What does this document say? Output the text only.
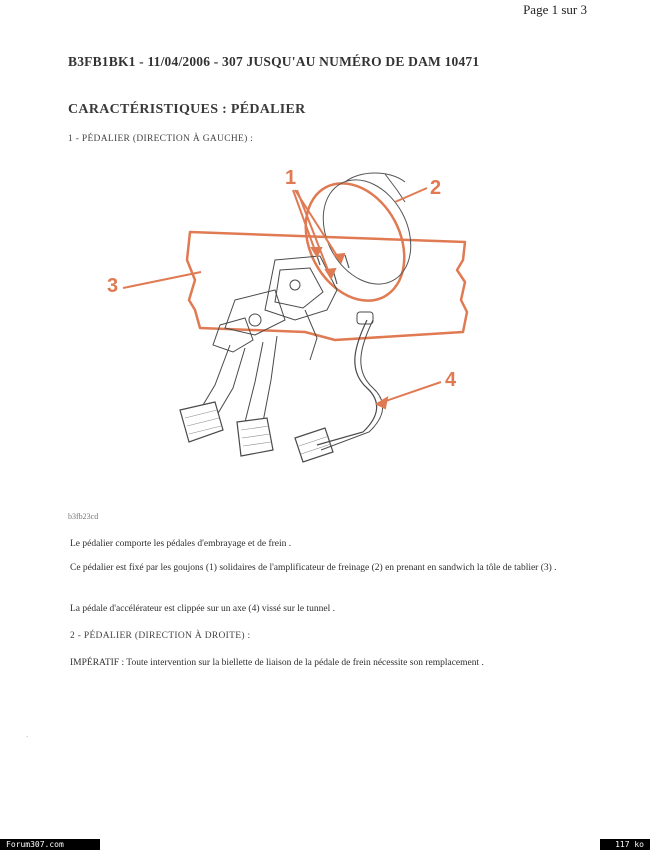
Page 1 sur 3
B3FB1BK1 - 11/04/2006 - 307 JUSQU'AU NUMÉRO DE DAM 10471
CARACTÉRISTIQUES : PÉDALIER
1 - PÉDALIER (DIRECTION À GAUCHE) :
1	2
3
4
b3fb23cd
Le pédalier comporte les pédales d'embrayage et de frein .
Ce pédalier est fixé par les goujons (1) solidaires de l'amplificateur de freinage (2) en prenant en sandwich la tôle de tablier (3) .
La pédale d'accélérateur est clippée sur un axe (4) vissé sur le tunnel .
2 - PÉDALIER (DIRECTION À DROITE) :
IMPÉRATIF : Toute intervention sur la biellette de liaison de la pédale de frein nécessite son remplacement .
·
Forum307.com	117 ko
